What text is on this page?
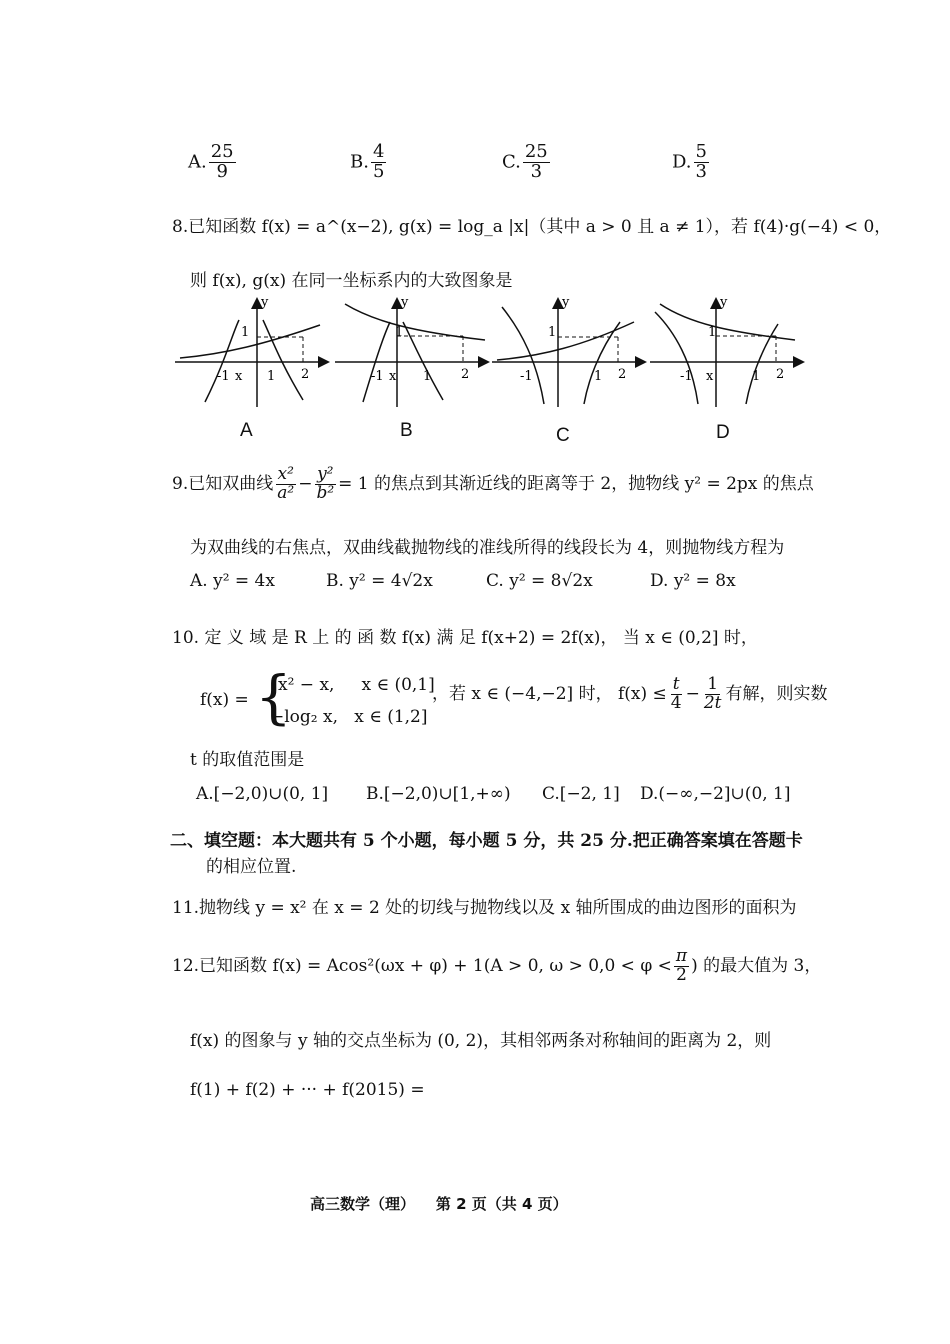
A. $\frac{25}{9}$	B. $\frac{4}{5}$	C. $\frac{25}{3}$	D. $\frac{5}{3}$
8.已知函数 f(x) = a^(x−2), g(x) = log_a |x|（其中 a > 0 且 a ≠ 1），若 f(4)·g(−4) < 0，
则 f(x), g(x) 在同一坐标系内的大致图象是
y
1
-1 x 1 2
y
1
-1 x 1 2
y
1
-1	1 2
y
1
-1 x	1 2
A	B	C	D
9.已知双曲线 $\frac{\text{x²}}{\text{a²}} - \frac{\text{y²}}{\text{b²}} = 1$ 的焦点到其渐近线的距离等于 2，抛物线 y² = 2px 的焦点
为双曲线的右焦点，双曲线截抛物线的准线所得的线段长为 4，则抛物线方程为
A. y² = 4x	B. y² = 4√2x	C. y² = 8√2x	D. y² = 8x
10. 定 义 域 是 R 上 的 函 数 f(x) 满 足 f(x+2) = 2f(x)， 当 x ∈ (0,2] 时，
f(x) = {
x² − x,     x ∈ (0,1]
−log₂ x,   x ∈ (1,2]
，若 x ∈ (−4,−2] 时， $f(x) \le \frac{t}{4} - \frac{1}{2t}$ 有解，则实数
t 的取值范围是
A.[−2,0)∪(0, 1] B.[−2,0)∪[1,+∞) C.[−2, 1] D.(−∞,−2]∪(0, 1]
二、填空题：本大题共有 5 个小题，每小题 5 分，共 25 分.把正确答案填在答题卡
的相应位置.
11.抛物线 y = x² 在 x = 2 处的切线与抛物线以及 x 轴所围成的曲边图形的面积为
12.已知函数 f(x) = Acos²(ωx + φ) + 1(A > 0, $\omega > 0,0 < \varphi < \frac{\pi}{2}$ ) 的最大值为 3，
f(x) 的图象与 y 轴的交点坐标为 (0, 2)，其相邻两条对称轴间的距离为 2，则
f(1) + f(2) + ··· + f(2015) =
高三数学（理）    第 2 页（共 4 页）
